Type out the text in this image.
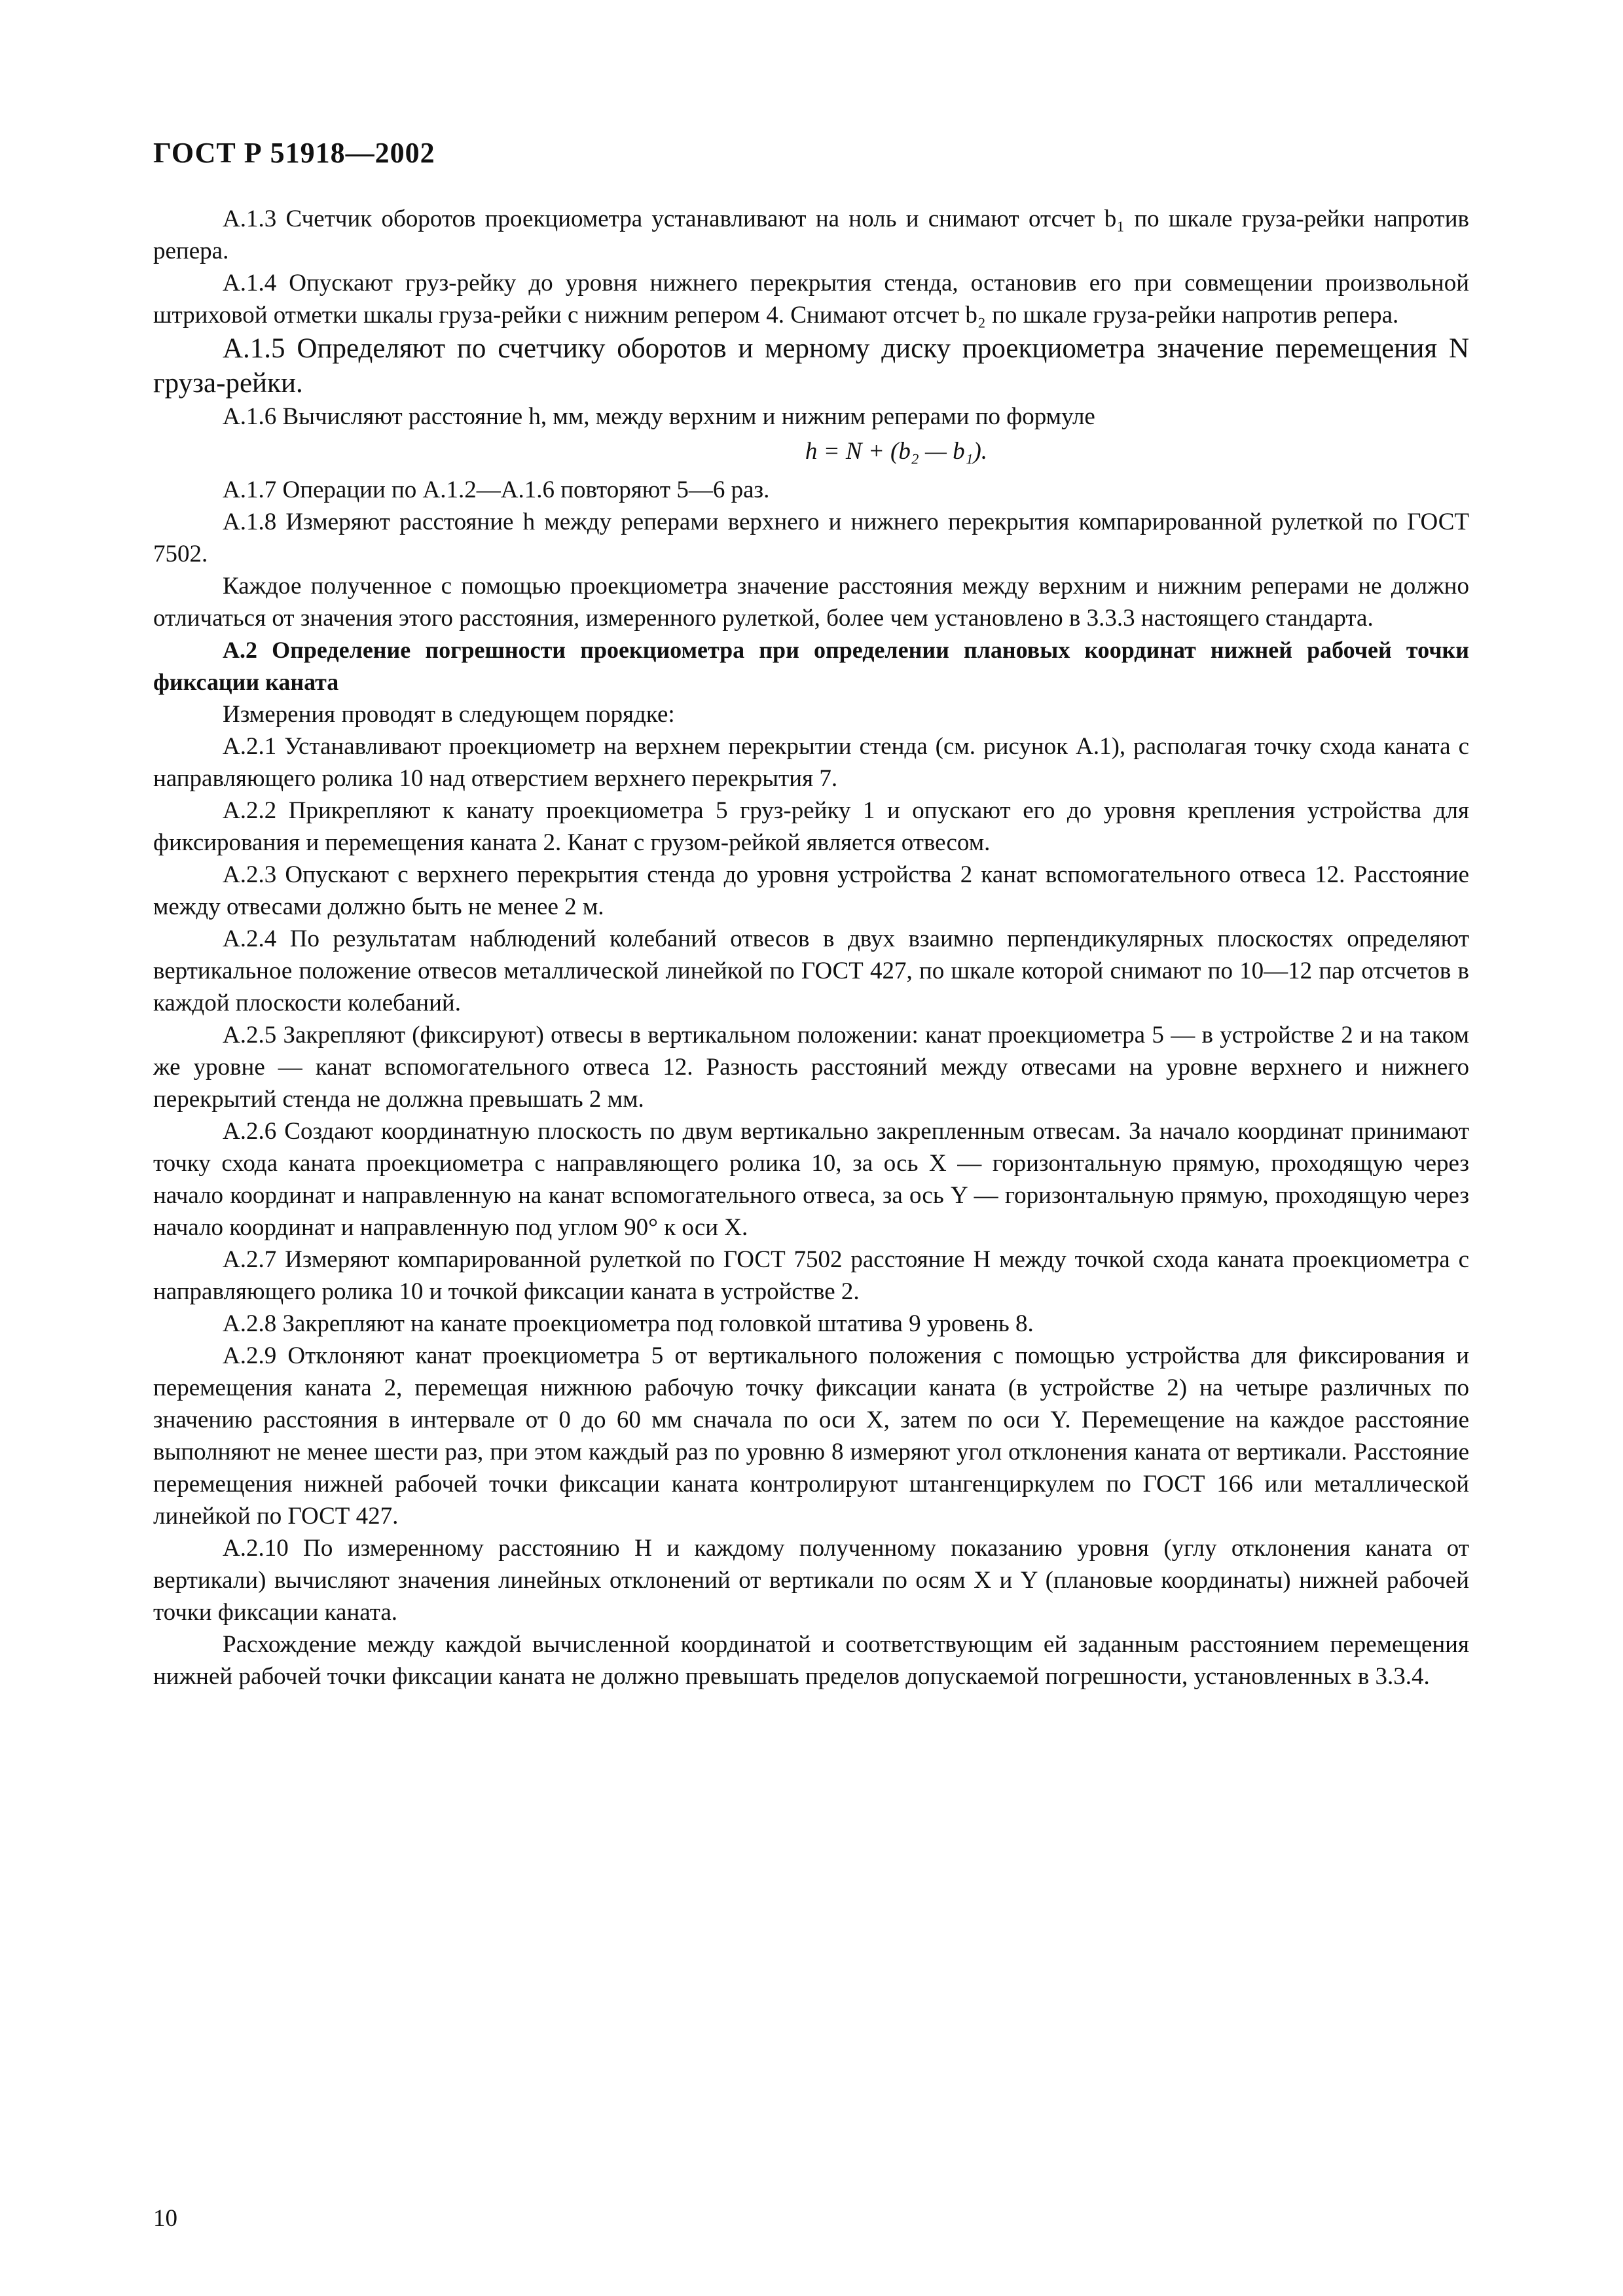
ГОСТ Р 51918—2002

А.1.3 Счетчик оборотов проекциометра устанавливают на ноль и снимают отсчет b₁ по шкале груза-рейки напротив репера.

А.1.4 Опускают груз-рейку до уровня нижнего перекрытия стенда, остановив его при совмещении произвольной штриховой отметки шкалы груза-рейки с нижним репером 4. Снимают отсчет b₂ по шкале груза-рейки напротив репера.

А.1.5 Определяют по счетчику оборотов и мерному диску проекциометра значение перемещения N груза-рейки.

А.1.6 Вычисляют расстояние h, мм, между верхним и нижним реперами по формуле

h = N + (b₂ — b₁).

А.1.7 Операции по А.1.2—А.1.6 повторяют 5—6 раз.

А.1.8 Измеряют расстояние h между реперами верхнего и нижнего перекрытия компарированной рулеткой по ГОСТ 7502.

Каждое полученное с помощью проекциометра значение расстояния между верхним и нижним реперами не должно отличаться от значения этого расстояния, измеренного рулеткой, более чем установлено в 3.3.3 настоящего стандарта.

А.2 Определение погрешности проекциометра при определении плановых координат нижней рабочей точки фиксации каната

Измерения проводят в следующем порядке:

А.2.1 Устанавливают проекциометр на верхнем перекрытии стенда (см. рисунок А.1), располагая точку схода каната с направляющего ролика 10 над отверстием верхнего перекрытия 7.

А.2.2 Прикрепляют к канату проекциометра 5 груз-рейку 1 и опускают его до уровня крепления устройства для фиксирования и перемещения каната 2. Канат с грузом-рейкой является отвесом.

А.2.3 Опускают с верхнего перекрытия стенда до уровня устройства 2 канат вспомогательного отвеса 12. Расстояние между отвесами должно быть не менее 2 м.

А.2.4 По результатам наблюдений колебаний отвесов в двух взаимно перпендикулярных плоскостях определяют вертикальное положение отвесов металлической линейкой по ГОСТ 427, по шкале которой снимают по 10—12 пар отсчетов в каждой плоскости колебаний.

А.2.5 Закрепляют (фиксируют) отвесы в вертикальном положении: канат проекциометра 5 — в устройстве 2 и на таком же уровне — канат вспомогательного отвеса 12. Разность расстояний между отвесами на уровне верхнего и нижнего перекрытий стенда не должна превышать 2 мм.

А.2.6 Создают координатную плоскость по двум вертикально закрепленным отвесам. За начало координат принимают точку схода каната проекциометра с направляющего ролика 10, за ось X — горизонтальную прямую, проходящую через начало координат и направленную на канат вспомогательного отвеса, за ось Y — горизонтальную прямую, проходящую через начало координат и направленную под углом 90° к оси X.

А.2.7 Измеряют компарированной рулеткой по ГОСТ 7502 расстояние H между точкой схода каната проекциометра с направляющего ролика 10 и точкой фиксации каната в устройстве 2.

А.2.8 Закрепляют на канате проекциометра под головкой штатива 9 уровень 8.

А.2.9 Отклоняют канат проекциометра 5 от вертикального положения с помощью устройства для фиксирования и перемещения каната 2, перемещая нижнюю рабочую точку фиксации каната (в устройстве 2) на четыре различных по значению расстояния в интервале от 0 до 60 мм сначала по оси X, затем по оси Y. Перемещение на каждое расстояние выполняют не менее шести раз, при этом каждый раз по уровню 8 измеряют угол отклонения каната от вертикали. Расстояние перемещения нижней рабочей точки фиксации каната контролируют штангенциркулем по ГОСТ 166 или металлической линейкой по ГОСТ 427.

А.2.10 По измеренному расстоянию H и каждому полученному показанию уровня (углу отклонения каната от вертикали) вычисляют значения линейных отклонений от вертикали по осям X и Y (плановые координаты) нижней рабочей точки фиксации каната.

Расхождение между каждой вычисленной координатой и соответствующим ей заданным расстоянием перемещения нижней рабочей точки фиксации каната не должно превышать пределов допускаемой погрешности, установленных в 3.3.4.

10
